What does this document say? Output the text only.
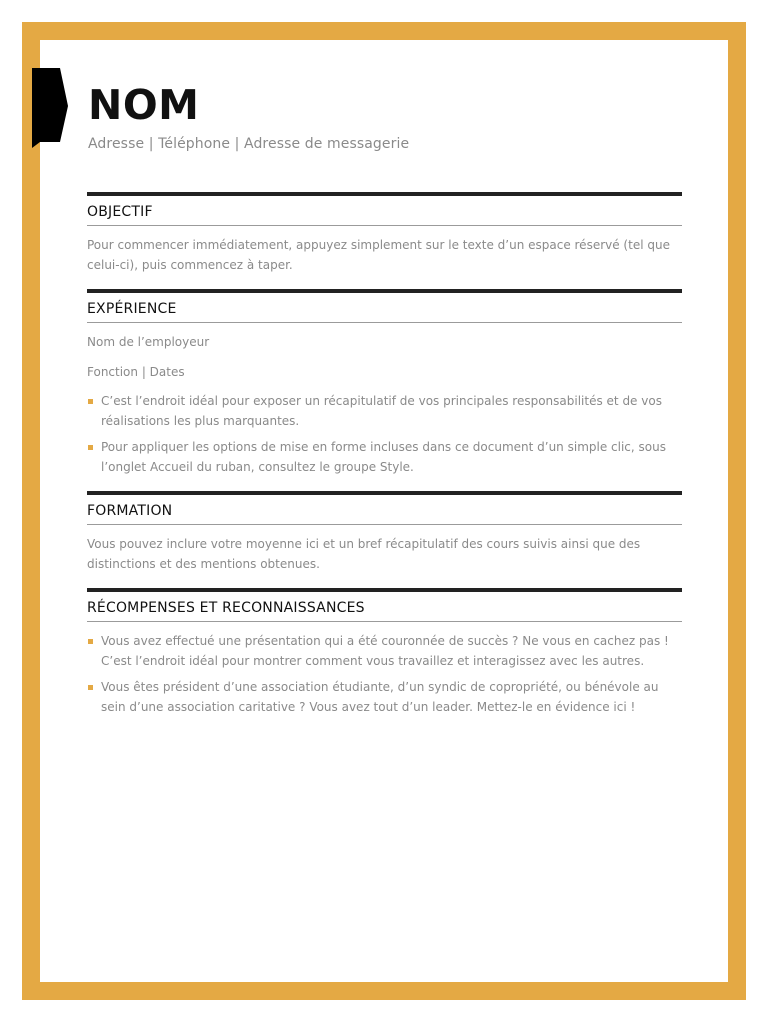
NOM
Adresse | Téléphone | Adresse de messagerie
OBJECTIF

Pour commencer immédiatement, appuyez simplement sur le texte d’un espace réservé (tel que celui-ci), puis commencez à taper.

EXPÉRIENCE
Nom de l’employeur
Fonction | Dates
C’est l’endroit idéal pour exposer un récapitulatif de vos principales responsabilités et de vos réalisations les plus marquantes.
Pour appliquer les options de mise en forme incluses dans ce document d’un simple clic, sous l’onglet Accueil du ruban, consultez le groupe Style.
FORMATION

Vous pouvez inclure votre moyenne ici et un bref récapitulatif des cours suivis ainsi que des distinctions et des mentions obtenues.

RÉCOMPENSES ET RECONNAISSANCES
Vous avez effectué une présentation qui a été couronnée de succès ? Ne vous en cachez pas ! C’est l’endroit idéal pour montrer comment vous travaillez et interagissez avec les autres.
Vous êtes président d’une association étudiante, d’un syndic de copropriété, ou bénévole au sein d’une association caritative ? Vous avez tout d’un leader. Mettez-le en évidence ici !
